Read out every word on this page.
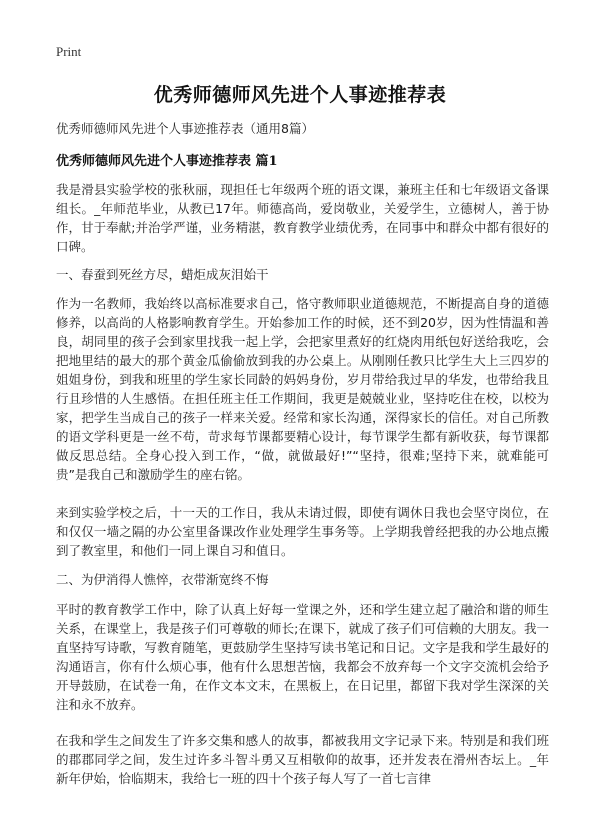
Print
优秀师德师风先进个人事迹推荐表
优秀师德师风先进个人事迹推荐表（通用8篇）
优秀师德师风先进个人事迹推荐表 篇1

我是滑县实验学校的张秋丽，现担任七年级两个班的语文课，兼班主任和七年级语文备课组长。_年师范毕业，从教已17年。师德高尚，爱岗敬业，关爱学生，立德树人，善于协作，甘于奉献;并治学严谨，业务精湛，教育教学业绩优秀，在同事中和群众中都有很好的口碑。

一、春蚕到死丝方尽，蜡炬成灰泪始干

作为一名教师，我始终以高标准要求自己，恪守教师职业道德规范，不断提高自身的道德修养，以高尚的人格影响教育学生。开始参加工作的时候，还不到20岁，因为性情温和善良，胡同里的孩子会到家里找我一起上学，会把家里煮好的红烧肉用纸包好送给我吃，会把地里结的最大的那个黄金瓜偷偷放到我的办公桌上。从刚刚任教只比学生大上三四岁的姐姐身份，到我和班里的学生家长同龄的妈妈身份，岁月带给我过早的华发，也带给我且行且珍惜的人生感悟。在担任班主任工作期间，我更是兢兢业业，坚持吃住在校，以校为家，把学生当成自己的孩子一样来关爱。经常和家长沟通，深得家长的信任。对自己所教的语文学科更是一丝不苟，苛求每节课都要精心设计，每节课学生都有新收获，每节课都做反思总结。全身心投入到工作，“做，就做最好!”“坚持，很难;坚持下来，就难能可贵”是我自己和激励学生的座右铭。

来到实验学校之后，十一天的工作日，我从未请过假，即使有调休日我也会坚守岗位，在和仅仅一墙之隔的办公室里备课改作业处理学生事务等。上学期我曾经把我的办公地点搬到了教室里，和他们一同上课自习和值日。

二、为伊消得人憔悴，衣带渐宽终不悔

平时的教育教学工作中，除了认真上好每一堂课之外，还和学生建立起了融洽和谐的师生关系，在课堂上，我是孩子们可尊敬的师长;在课下，就成了孩子们可信赖的大朋友。我一直坚持写诗歌，写教育随笔，更鼓励学生坚持写读书笔记和日记。文字是我和学生最好的沟通语言，你有什么烦心事，他有什么思想苦恼，我都会不放弃每一个文字交流机会给予开导鼓励，在试卷一角，在作文本文末，在黑板上，在日记里，都留下我对学生深深的关注和永不放弃。

在我和学生之间发生了许多交集和感人的故事，都被我用文字记录下来。特别是和我们班的郡郡同学之间，发生过许多斗智斗勇又互相敬仰的故事，还并发表在滑州杏坛上。_年新年伊始，恰临期末，我给七一班的四十个孩子每人写了一首七言律
